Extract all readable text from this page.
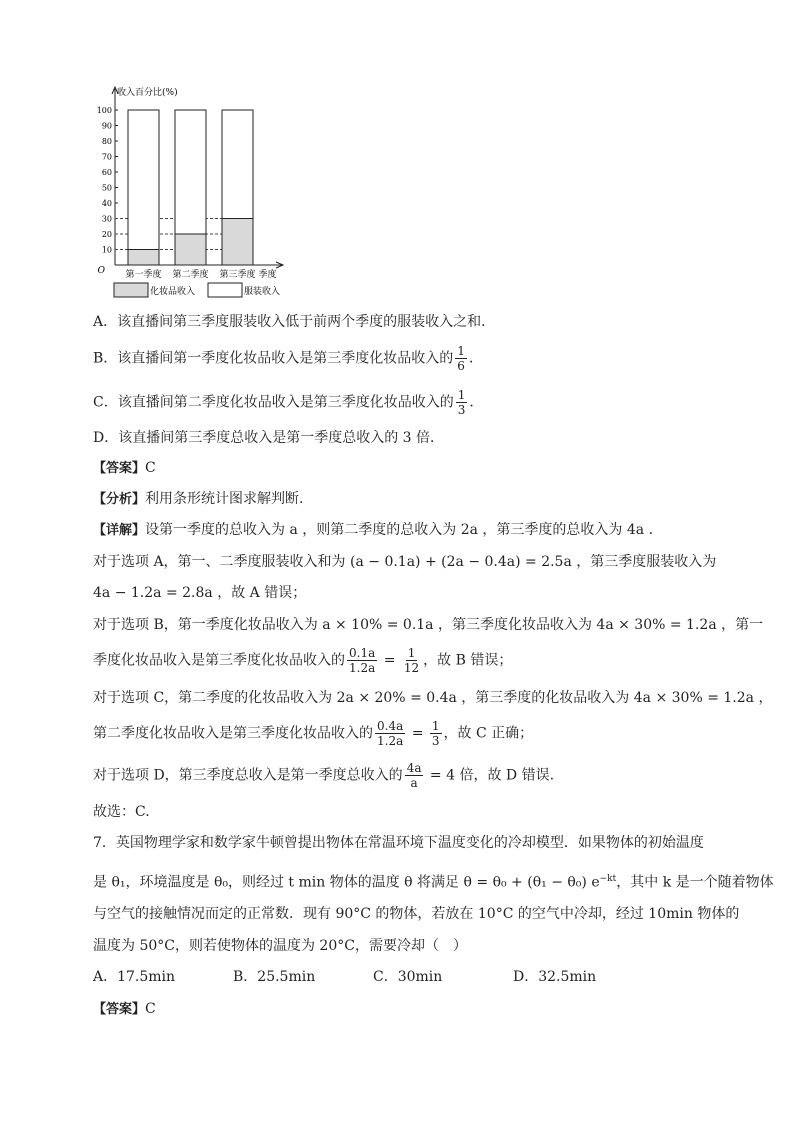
收入百分比(%)
10
20
30
40
50
60
70
80
90
100
O 第一季度 第二季度 第三季度 季度
化妆品收入	服装收入
A．该直播间第三季度服装收入低于前两个季度的服装收入之和．
B．该直播间第一季度化妆品收入是第三季度化妆品收入的 $\frac{1}{6}$ ．
C．该直播间第二季度化妆品收入是第三季度化妆品收入的 $\frac{1}{3}$ ．
D．该直播间第三季度总收入是第一季度总收入的 3 倍．
【答案】C
【分析】利用条形统计图求解判断.
【详解】设第一季度的总收入为 a ，则第二季度的总收入为 2a ，第三季度的总收入为 4a .
对于选项 A，第一、二季度服装收入和为 (a − 0.1a) + (2a − 0.4a) = 2.5a ，第三季度服装收入为
4a − 1.2a = 2.8a ，故 A 错误；
对于选项 B，第一季度化妆品收入为 a × 10% = 0.1a ，第三季度化妆品收入为 4a × 30% = 1.2a ，第一
季度化妆品收入是第三季度化妆品收入的 $\frac{0.1a}{1.2a} = \frac{1}{12}$ ，故 B 错误；
对于选项 C，第二季度的化妆品收入为 2a × 20% = 0.4a ，第三季度的化妆品收入为 4a × 30% = 1.2a ，
第二季度化妆品收入是第三季度化妆品收入的 $\frac{0.4a}{1.2a} = \frac{1}{3}$ ，故 C 正确；
对于选项 D，第三季度总收入是第一季度总收入的 $\frac{4a}{a} = 4$ 倍，故 D 错误.
故选：C.
7．英国物理学家和数学家牛顿曾提出物体在常温环境下温度变化的冷却模型．如果物体的初始温度
是 θ₁，环境温度是 θ₀，则经过 t min 物体的温度 θ 将满足 θ = θ₀ + (θ₁ − θ₀) $e^{-kt}$，其中 k 是一个随着物体
与空气的接触情况而定的正常数．现有 90°C 的物体，若放在 10°C 的空气中冷却，经过 10min 物体的
温度为 50°C，则若使物体的温度为 20°C，需要冷却（　）
A．17.5min	B．25.5min	C．30min	D．32.5min
【答案】C
